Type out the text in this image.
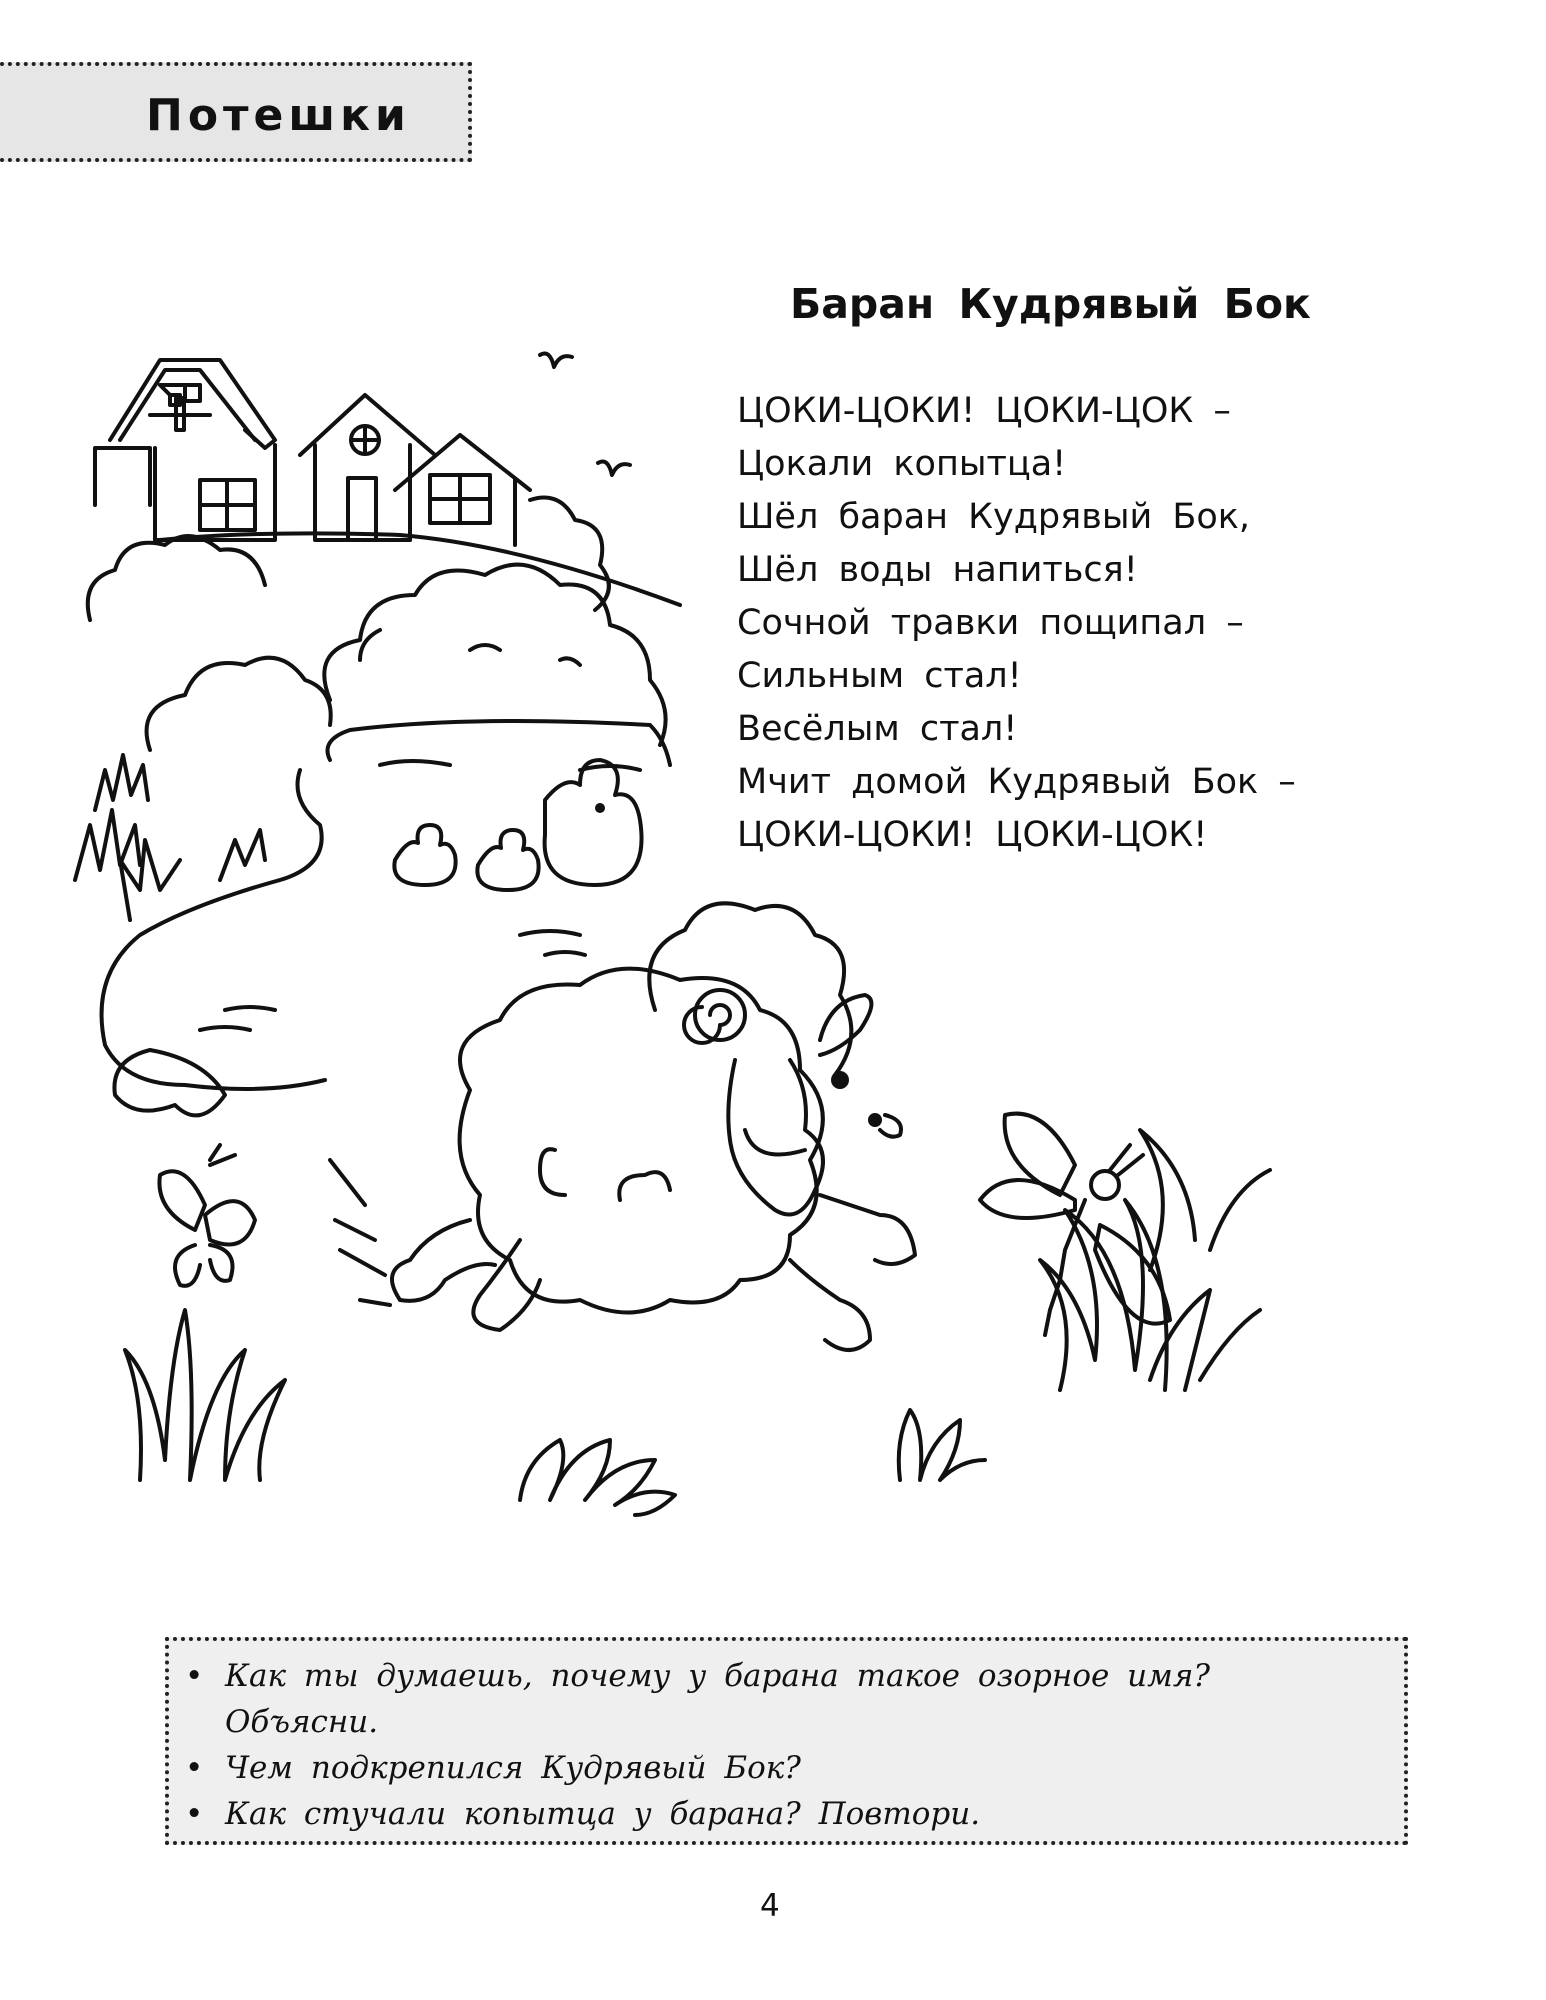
Потешки
Баран Кудрявый Бок
ЦОКИ-ЦОКИ! ЦОКИ-ЦОК –
Цокали копытца!
Шёл баран Кудрявый Бок,
Шёл воды напиться!
Сочной травки пощипал –
Сильным стал!
Весёлым стал!
Мчит домой Кудрявый Бок –
ЦОКИ-ЦОКИ! ЦОКИ-ЦОК!
• Как ты думаешь, почему у барана такое озорное имя?
Объясни.
• Чем подкрепился Кудрявый Бок?
• Как стучали копытца у барана? Повтори.
4
